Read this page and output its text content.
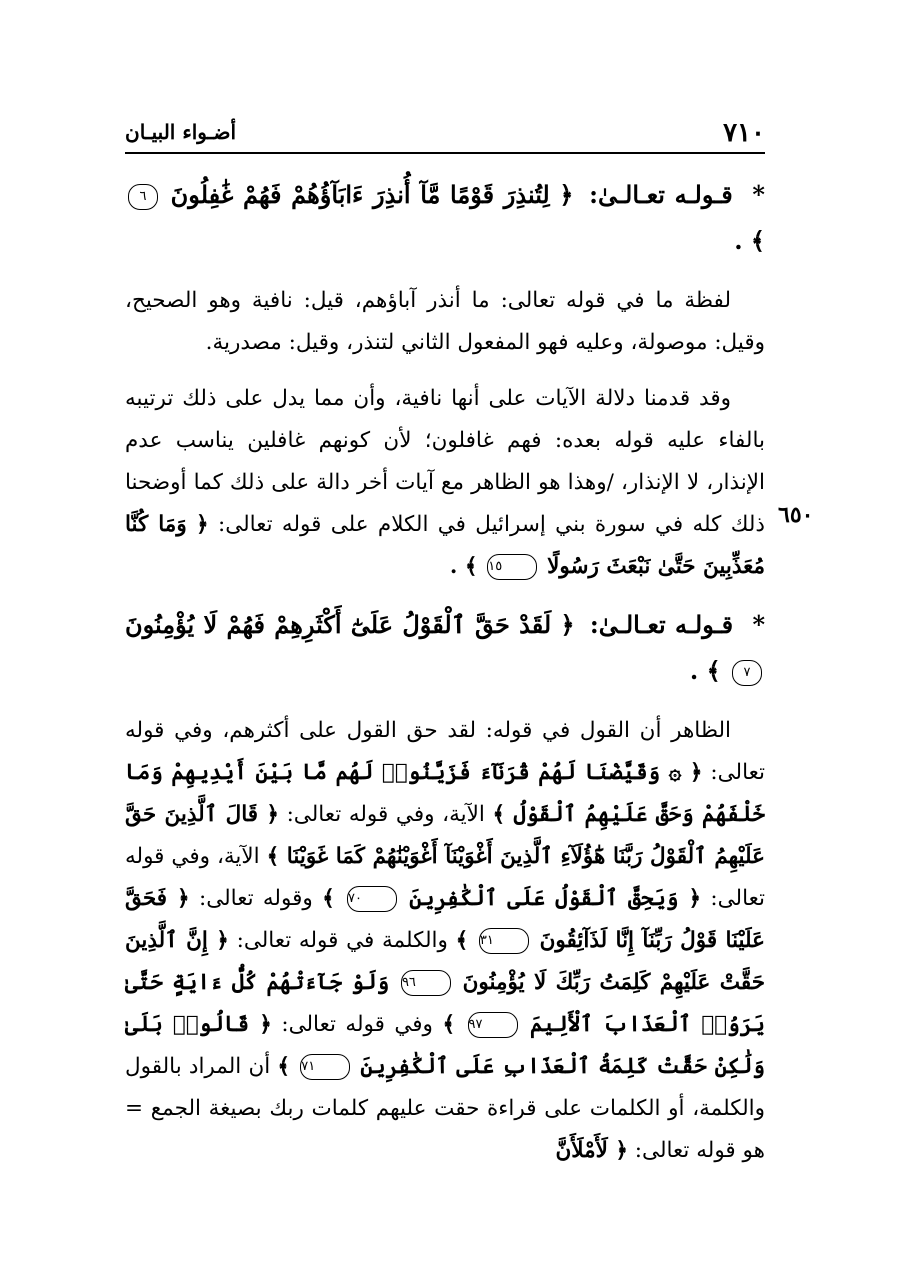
٧١٠
أضـواء البيـان
٦٥٠

* قـولـه تعـالـىٰ: ﴿ لِتُنذِرَ قَوْمًا مَّآ أُنذِرَ ءَابَآؤُهُمْ فَهُمْ غَٰفِلُونَ ٦ ﴾ .

لفظة ما في قوله تعالى: ما أنذر آباؤهم، قيل: نافية وهو الصحيح، وقيل: موصولة، وعليه فهو المفعول الثاني لتنذر، وقيل: مصدرية.

وقد قدمنا دلالة الآيات على أنها نافية، وأن مما يدل على ذلك ترتيبه بالفاء عليه قوله بعده: فهم غافلون؛ لأن كونهم غافلين يناسب عدم الإنذار، لا الإنذار، /وهذا هو الظاهر مع آيات أخر دالة على ذلك كما أوضحنا ذلك كله في سورة بني إسرائيل في الكلام على قوله تعالى: ﴿ وَمَا كُنَّا مُعَذِّبِينَ حَتَّىٰ نَبْعَثَ رَسُولًا ١٥ ﴾ .

* قـولـه تعـالـىٰ: ﴿ لَقَدْ حَقَّ ٱلْقَوْلُ عَلَىٰٓ أَكْثَرِهِمْ فَهُمْ لَا يُؤْمِنُونَ ٧ ﴾ .

الظاهر أن القول في قوله: لقد حق القول على أكثرهم، وفي قوله تعالى: ﴿ ۞ وَقَيَّضْنَا لَهُمْ قُرَنَآءَ فَزَيَّنُوا۟ لَهُم مَّا بَيْنَ أَيْدِيهِمْ وَمَا خَلْفَهُمْ وَحَقَّ عَلَيْهِمُ ٱلْقَوْلُ ﴾ الآية، وفي قوله تعالى: ﴿ قَالَ ٱلَّذِينَ حَقَّ عَلَيْهِمُ ٱلْقَوْلُ رَبَّنَا هَٰٓؤُلَآءِ ٱلَّذِينَ أَغْوَيْنَآ أَغْوَيْنَٰهُمْ كَمَا غَوَيْنَا ﴾ الآية، وفي قوله تعالى: ﴿ وَيَحِقَّ ٱلْقَوْلُ عَلَى ٱلْكَٰفِرِينَ ٧٠ ﴾ وقوله تعالى: ﴿ فَحَقَّ عَلَيْنَا قَوْلُ رَبِّنَآ إِنَّا لَذَآئِقُونَ ٣١ ﴾ والكلمة في قوله تعالى: ﴿ إِنَّ ٱلَّذِينَ حَقَّتْ عَلَيْهِمْ كَلِمَتُ رَبِّكَ لَا يُؤْمِنُونَ ٩٦ وَلَوْ جَآءَتْهُمْ كُلُّ ءَايَةٍ حَتَّىٰ يَرَوُا۟ ٱلْعَذَابَ ٱلْأَلِيمَ ٩٧ ﴾ وفي قوله تعالى: ﴿ قَالُوا۟ بَلَىٰ وَلَٰكِنْ حَقَّتْ كَلِمَةُ ٱلْعَذَابِ عَلَى ٱلْكَٰفِرِينَ ٧١ ﴾ أن المراد بالقول والكلمة، أو الكلمات على قراءة حقت عليهم كلمات ربك بصيغة الجمع = هو قوله تعالى: ﴿ لَأَمْلَأَنَّ
